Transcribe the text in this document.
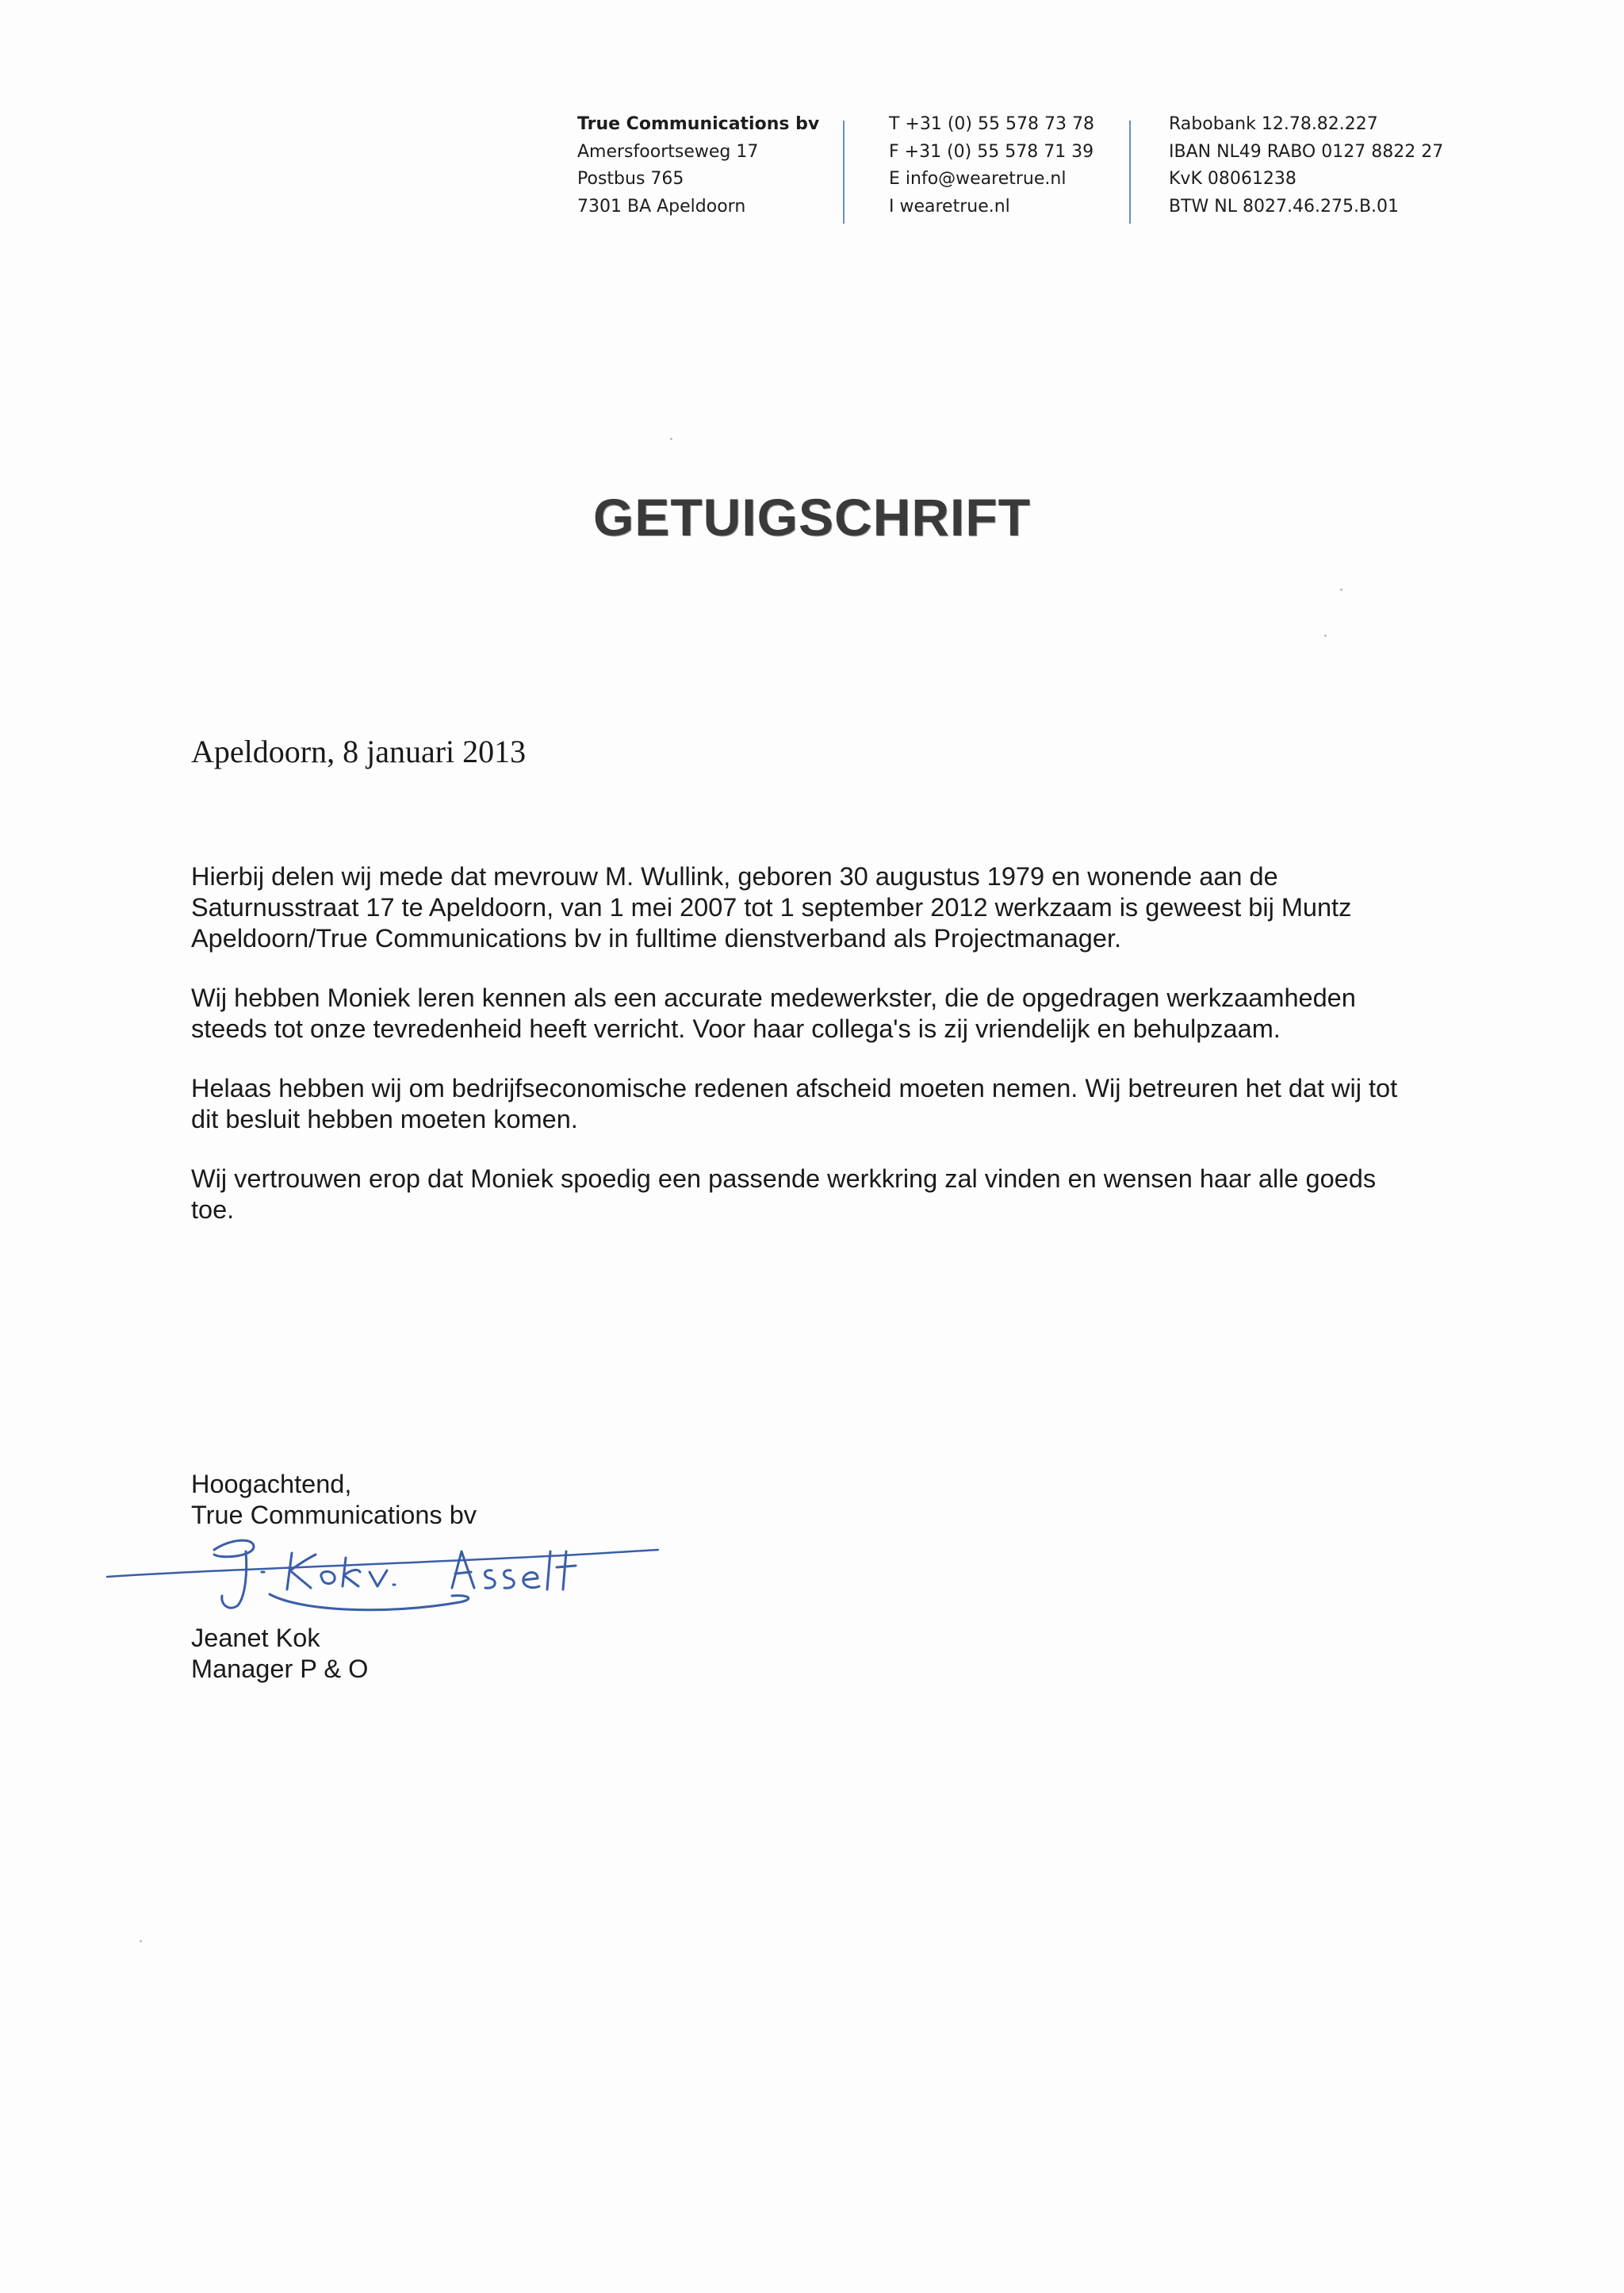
True Communications bv
Amersfoortseweg 17
Postbus 765
7301 BA Apeldoorn
T +31 (0) 55 578 73 78
F +31 (0) 55 578 71 39
E info@wearetrue.nl
I wearetrue.nl
Rabobank 12.78.82.227
IBAN NL49 RABO 0127 8822 27
KvK 08061238
BTW NL 8027.46.275.B.01
GETUIGSCHRIFT
Apeldoorn, 8 januari 2013

Hierbij delen wij mede dat mevrouw M. Wullink, geboren 30 augustus 1979 en wonende aan de
Saturnusstraat 17 te Apeldoorn, van 1 mei 2007 tot 1 september 2012 werkzaam is geweest bij Muntz
Apeldoorn/True Communications bv in fulltime dienstverband als Projectmanager.

Wij hebben Moniek leren kennen als een accurate medewerkster, die de opgedragen werkzaamheden
steeds tot onze tevredenheid heeft verricht. Voor haar collega's is zij vriendelijk en behulpzaam.

Helaas hebben wij om bedrijfseconomische redenen afscheid moeten nemen. Wij betreuren het dat wij tot
dit besluit hebben moeten komen.

Wij vertrouwen erop dat Moniek spoedig een passende werkkring zal vinden en wensen haar alle goeds
toe.

Hoogachtend,
True Communications bv
Jeanet Kok
Manager P & O
